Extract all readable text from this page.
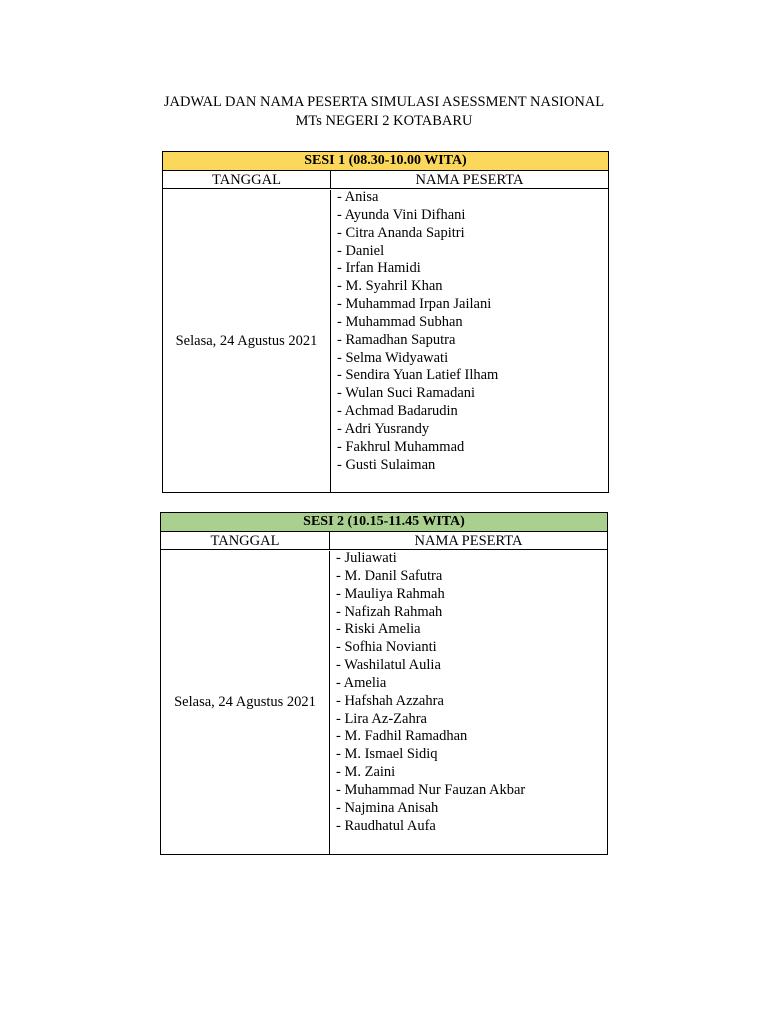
JADWAL DAN NAMA PESERTA SIMULASI ASESSMENT NASIONAL
MTs NEGERI 2 KOTABARU
SESI 1 (08.30-10.00 WITA)
TANGGAL	NAMA PESERTA
Selasa, 24 Agustus 2021
- Anisa
- Ayunda Vini Difhani
- Citra Ananda Sapitri
- Daniel
- Irfan Hamidi
- M. Syahril Khan
- Muhammad Irpan Jailani
- Muhammad Subhan
- Ramadhan Saputra
- Selma Widyawati
- Sendira Yuan Latief Ilham
- Wulan Suci Ramadani
- Achmad Badarudin
- Adri Yusrandy
- Fakhrul Muhammad
- Gusti Sulaiman
SESI 2 (10.15-11.45 WITA)
TANGGAL	NAMA PESERTA
Selasa, 24 Agustus 2021
- Juliawati
- M. Danil Safutra
- Mauliya Rahmah
- Nafizah Rahmah
- Riski Amelia
- Sofhia Novianti
- Washilatul Aulia
- Amelia
- Hafshah Azzahra
- Lira Az-Zahra
- M. Fadhil Ramadhan
- M. Ismael Sidiq
- M. Zaini
- Muhammad Nur Fauzan Akbar
- Najmina Anisah
- Raudhatul Aufa
